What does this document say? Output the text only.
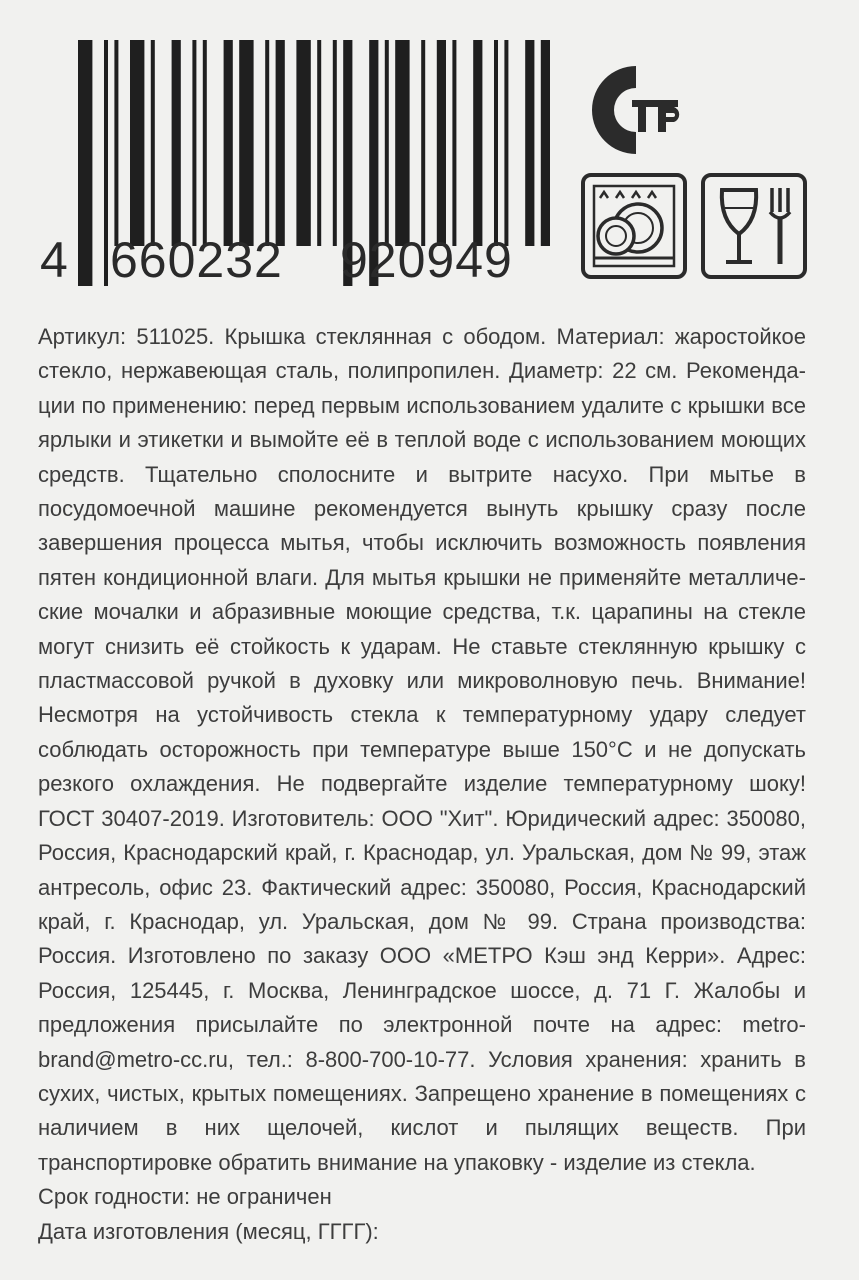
4 660232 920949

Артикул: 511025. Крышка стеклянная с ободом. Материал: жаростойкое стекло, нержавеющая сталь, полипропилен. Диаметр: 22 см. Рекоменда-ции по применению: перед первым использованием удалите с крышки все ярлыки и этикетки и вымойте её в теплой воде с использованием моющих средств. Тщательно сполосните и вытрите насухо. При мытье в посудомоечной машине рекомендуется вынуть крышку сразу после завершения процесса мытья, чтобы исключить возможность появления пятен кондиционной влаги. Для мытья крышки не применяйте металличе-ские мочалки и абразивные моющие средства, т.к. царапины на стекле могут снизить её стойкость к ударам. Не ставьте стеклянную крышку с пластмассовой ручкой в духовку или микроволновую печь. Внимание! Несмотря на устойчивость стекла к температурному удару следует соблюдать осторожность при температуре выше 150°С и не допускать резкого охлаждения. Не подвергайте изделие температурному шоку! ГОСТ 30407-2019. Изготовитель: ООО "Хит". Юридический адрес: 350080, Россия, Краснодарский край, г. Краснодар, ул. Уральская, дом № 99, этаж антресоль, офис 23. Фактический адрес: 350080, Россия, Краснодарский край, г. Краснодар, ул. Уральская, дом № 99. Страна производства: Россия. Изготовлено по заказу ООО «МЕТРО Кэш энд Керри». Адрес: Россия, 125445, г. Москва, Ленинградское шоссе, д. 71 Г. Жалобы и предложения присылайте по электронной почте на адрес: metro-brand@metro-cc.ru, тел.: 8-800-700-10-77. Условия хранения: хранить в сухих, чистых, крытых помещениях. Запрещено хранение в помещениях с наличием в них щелочей, кислот и пылящих веществ. При транспортировке обратить внимание на упаковку - изделие из стекла.

Срок годности: не ограничен

Дата изготовления (месяц, ГГГГ):
